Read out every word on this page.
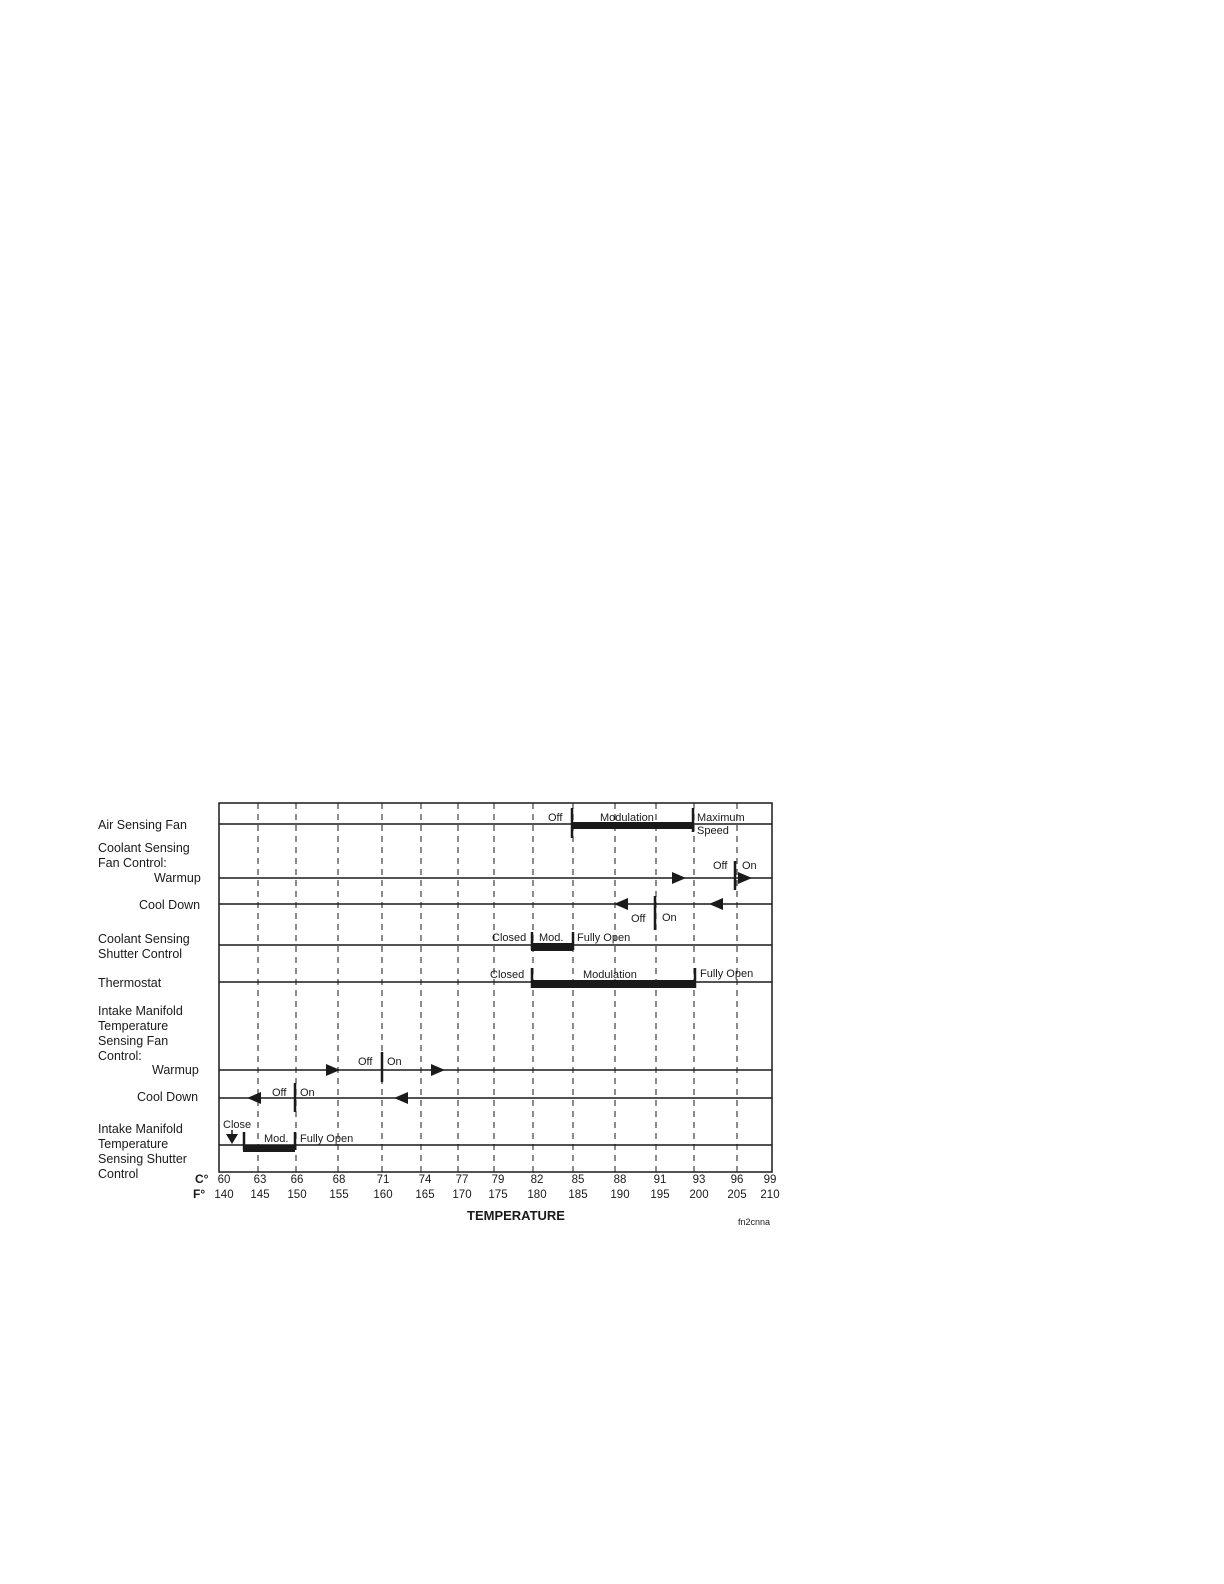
Air Sensing Fan
Coolant Sensing
Fan Control:
Warmup
Cool Down
Coolant Sensing
Shutter Control
Thermostat
Intake Manifold
Temperature
Sensing Fan
Control:
Warmup
Cool Down
Intake Manifold
Temperature
Sensing Shutter
Control
Off	Modulation	Maximum
Speed
Off On
Off On
Closed Mod. Fully Open
Closed	Modulation	Fully Open
Off On
Off On
Close
Mod. Fully Open
C°
F°
60 63 66	68	71	74 77 79 82 85	88 91 93 96 99
140 145 150 155 160 165 170 175 180 185 190 195 200 205 210
TEMPERATURE	fn2cnna
